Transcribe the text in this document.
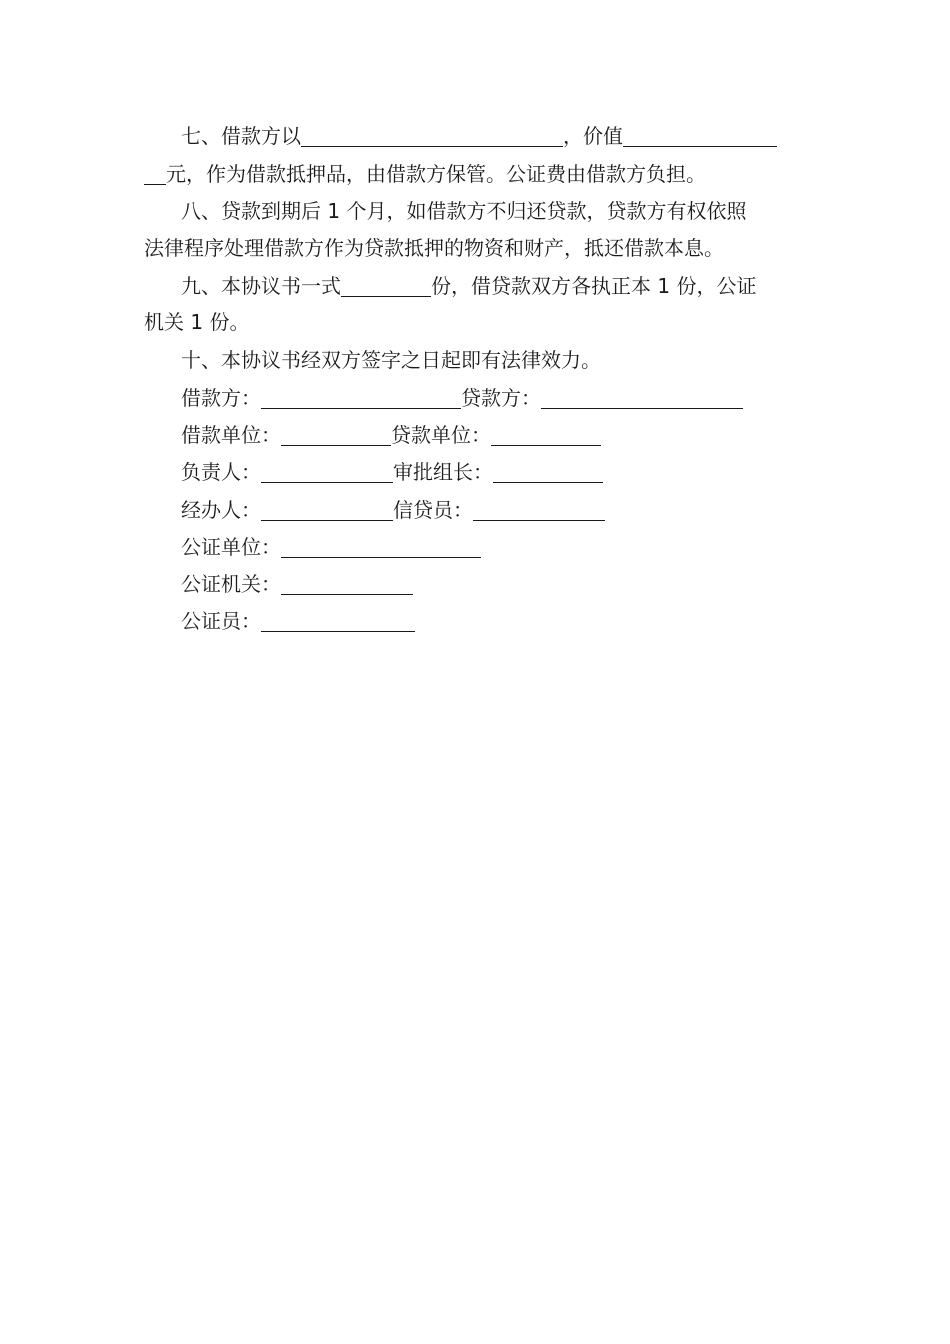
七、借款方以	，价值
元，作为借款抵押品，由借款方保管。公证费由借款方负担。
八、贷款到期后 1 个月，如借款方不归还贷款，贷款方有权依照
法律程序处理借款方作为贷款抵押的物资和财产，抵还借款本息。
九、本协议书一式	份，借贷款双方各执正本 1 份，公证
机关 1 份。
十、本协议书经双方签字之日起即有法律效力。
借款方：	贷款方：
借款单位：	贷款单位：
负责人：	审批组长：
经办人：	信贷员：
公证单位：
公证机关：
公证员：
